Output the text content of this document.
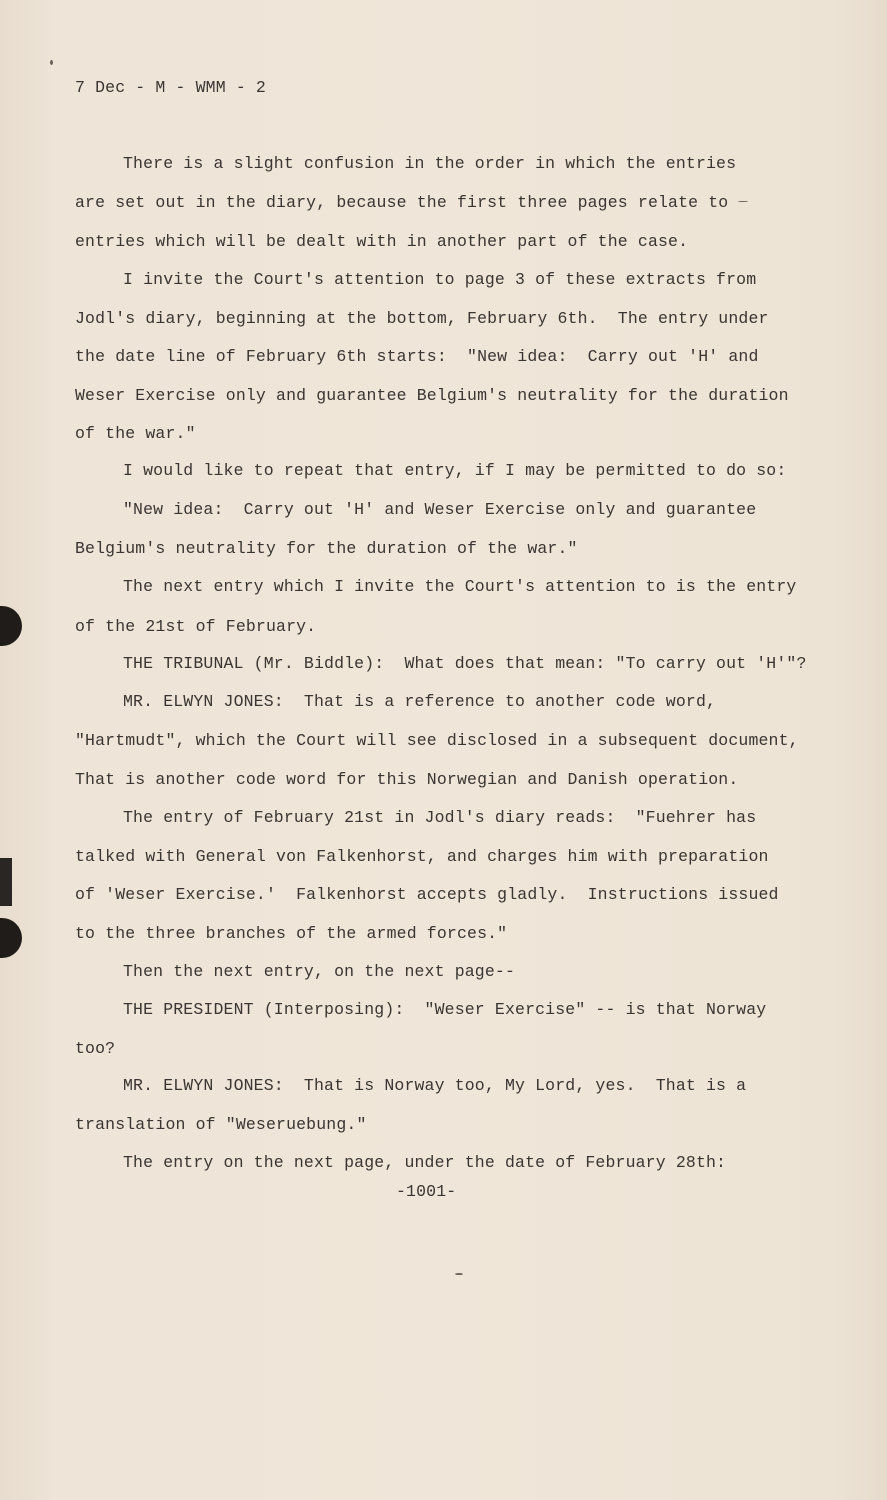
7 Dec - M - WMM - 2

There is a slight confusion in the order in which the entries

are set out in the diary, because the first three pages relate to

entries which will be dealt with in another part of the case.

I invite the Court's attention to page 3 of these extracts from

Jodl's diary, beginning at the bottom, February 6th.  The entry under

the date line of February 6th starts:  "New idea:  Carry out 'H' and

Weser Exercise only and guarantee Belgium's neutrality for the duration

of the war."

I would like to repeat that entry, if I may be permitted to do so:

"New idea:  Carry out 'H' and Weser Exercise only and guarantee

Belgium's neutrality for the duration of the war."

The next entry which I invite the Court's attention to is the entry

of the 21st of February.

THE TRIBUNAL (Mr. Biddle):  What does that mean: "To carry out 'H'"?

MR. ELWYN JONES:  That is a reference to another code word,

"Hartmudt", which the Court will see disclosed in a subsequent document,

That is another code word for this Norwegian and Danish operation.

The entry of February 21st in Jodl's diary reads:  "Fuehrer has

talked with General von Falkenhorst, and charges him with preparation

of 'Weser Exercise.'  Falkenhorst accepts gladly.  Instructions issued

to the three branches of the armed forces."

Then the next entry, on the next page--

THE PRESIDENT (Interposing):  "Weser Exercise" -- is that Norway

too?

MR. ELWYN JONES:  That is Norway too, My Lord, yes.  That is a

translation of "Weseruebung."

The entry on the next page, under the date of February 28th:

-1001-
